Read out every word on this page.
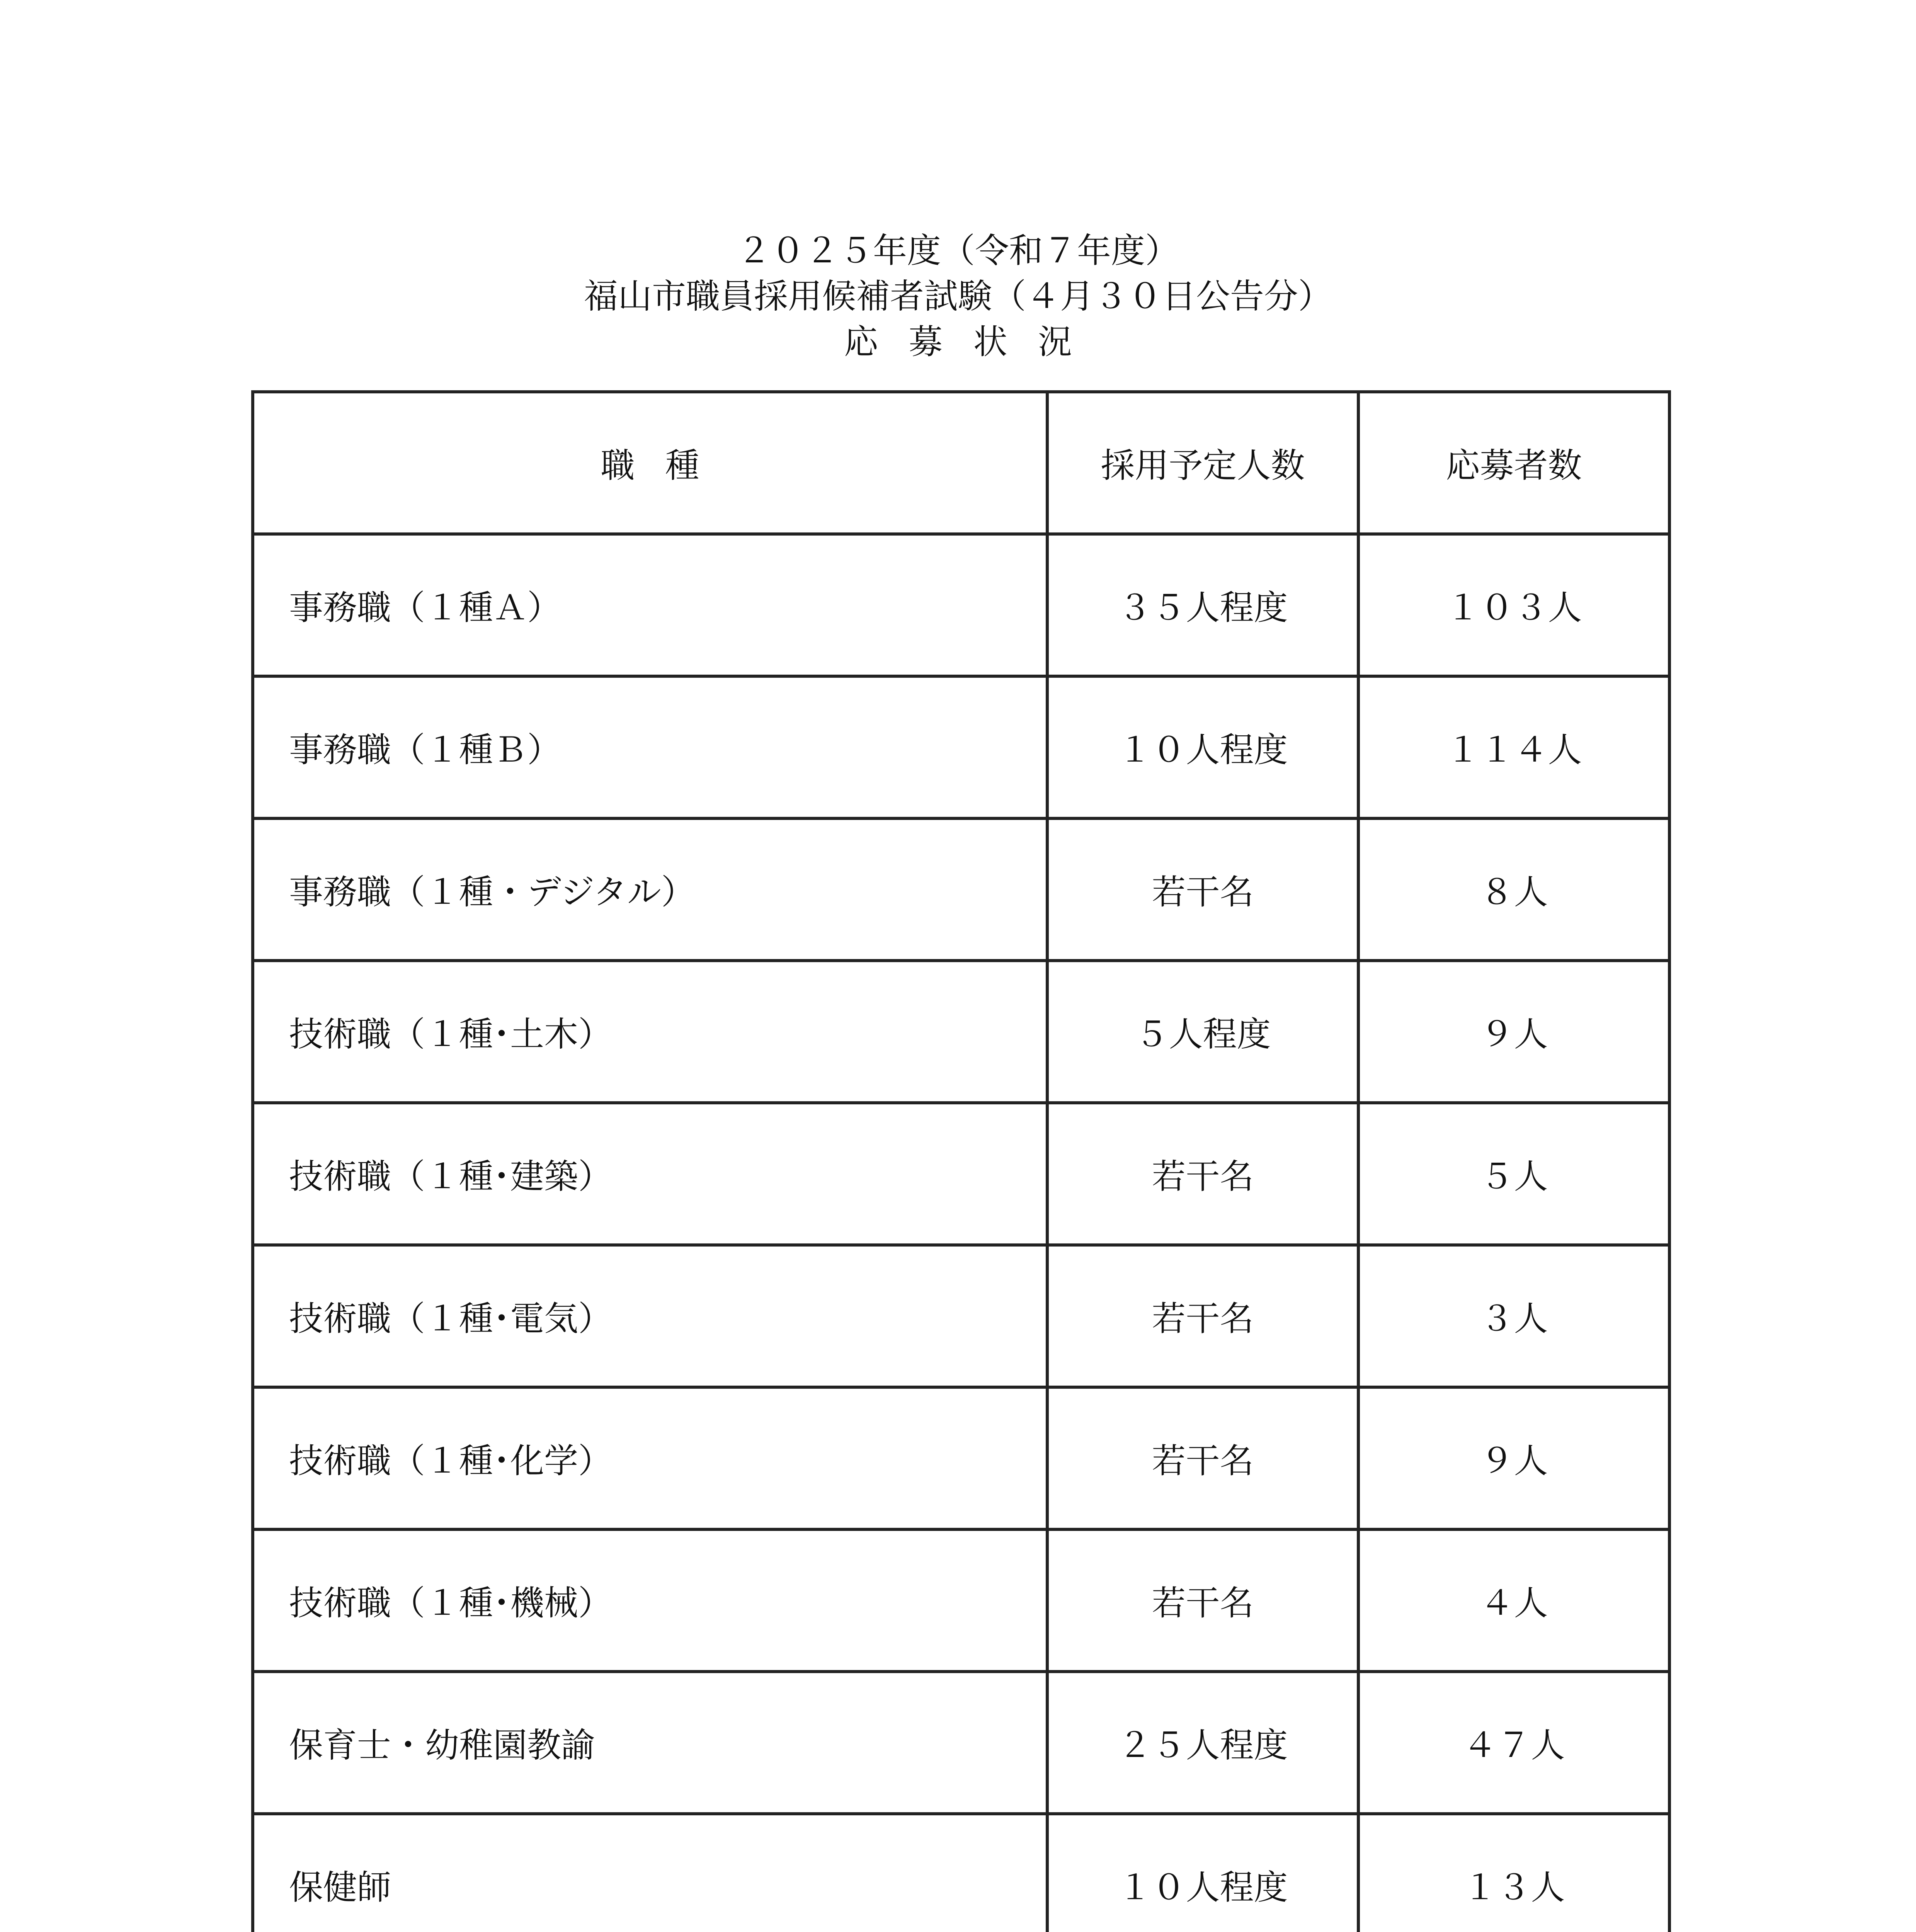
２０２５年度（令和７年度）
福山市職員採用候補者試験（４月３０日公告分）
応募状況
職種	採用予定人数	応募者数
事務職（１種Ａ）	３５人程度	１０３人
事務職（１種Ｂ）	１０人程度	１１４人
事務職（１種・デジタル）	若干名	８人
技術職（１種･土木）	５人程度	９人
技術職（１種･建築）	若干名	５人
技術職（１種･電気）	若干名	３人
技術職（１種･化学）	若干名	９人
技術職（１種･機械）	若干名	４人
保育士・幼稚園教諭	２５人程度	４７人
保健師	１０人程度	１３人
